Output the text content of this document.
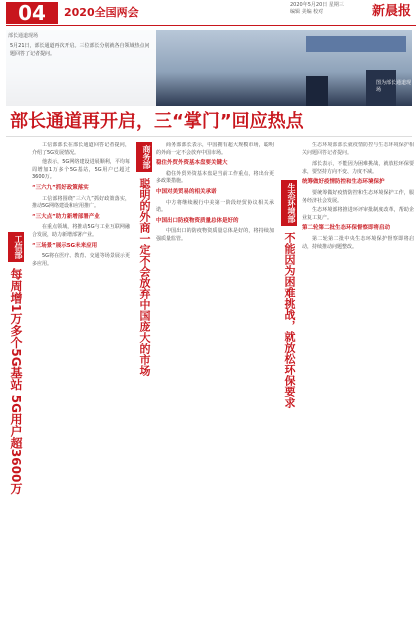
04	2020全国两会
2020年5月20日 星期三
编辑 美编 校对	新晨报
部长通道现场
5月21日，部长通道再次开启。三位部长分别就各自领域热点问题回答了记者提问。
图为部长通道现场
部长通道再开启，三“掌门”回应热点
工信部
每周增1万多个5G基站 5G用户超3600万

工信部部长在部长通道回答记者提问，介绍了5G发展情况。

他表示，5G网络建设进展顺利，平均每周增加1万多个5G基站，5G用户已超过3600万。

“三六九”抓好政策落实

工信部将围绕“三六九”抓好政策落实，推动5G网络建设和应用推广。

“三大点”助力新增部署产业

在重点领域，将推动5G与工业互联网融合发展，助力新增部署产业。

“三场景”展示5G未来应用

5G将在医疗、教育、交通等场景展示更多应用。

商务部
聪明的外商一定不会放弃中国庞大的市场

商务部部长表示，中国拥有超大规模市场，聪明的外商一定不会放弃中国市场。

稳住外贸外资基本盘要关键大

稳住外贸外资基本盘是当前工作重点，将出台更多政策措施。

中国对美贸易的相关承诺

中方将继续履行中美第一阶段经贸协议相关承诺。

中国出口防疫物资质量总体是好的

中国出口的防疫物资质量总体是好的，将持续加强质量监管。

生态环境部
不能因为困难挑战，就放松环保要求

生态环境部部长就疫情防控与生态环境保护相关问题回答记者提问。

部长表示，不能因为困难挑战，就放松环保要求，要坚持方向不变、力度不减。

统筹做好疫情防控和生态环境保护

要统筹做好疫情防控和生态环境保护工作，服务经济社会发展。

生态环境部将推进环评审批制度改革，帮助企业复工复产。

第二轮第二批生态环保督察即将启动

第二轮第二批中央生态环境保护督察即将启动，持续推动问题整改。
